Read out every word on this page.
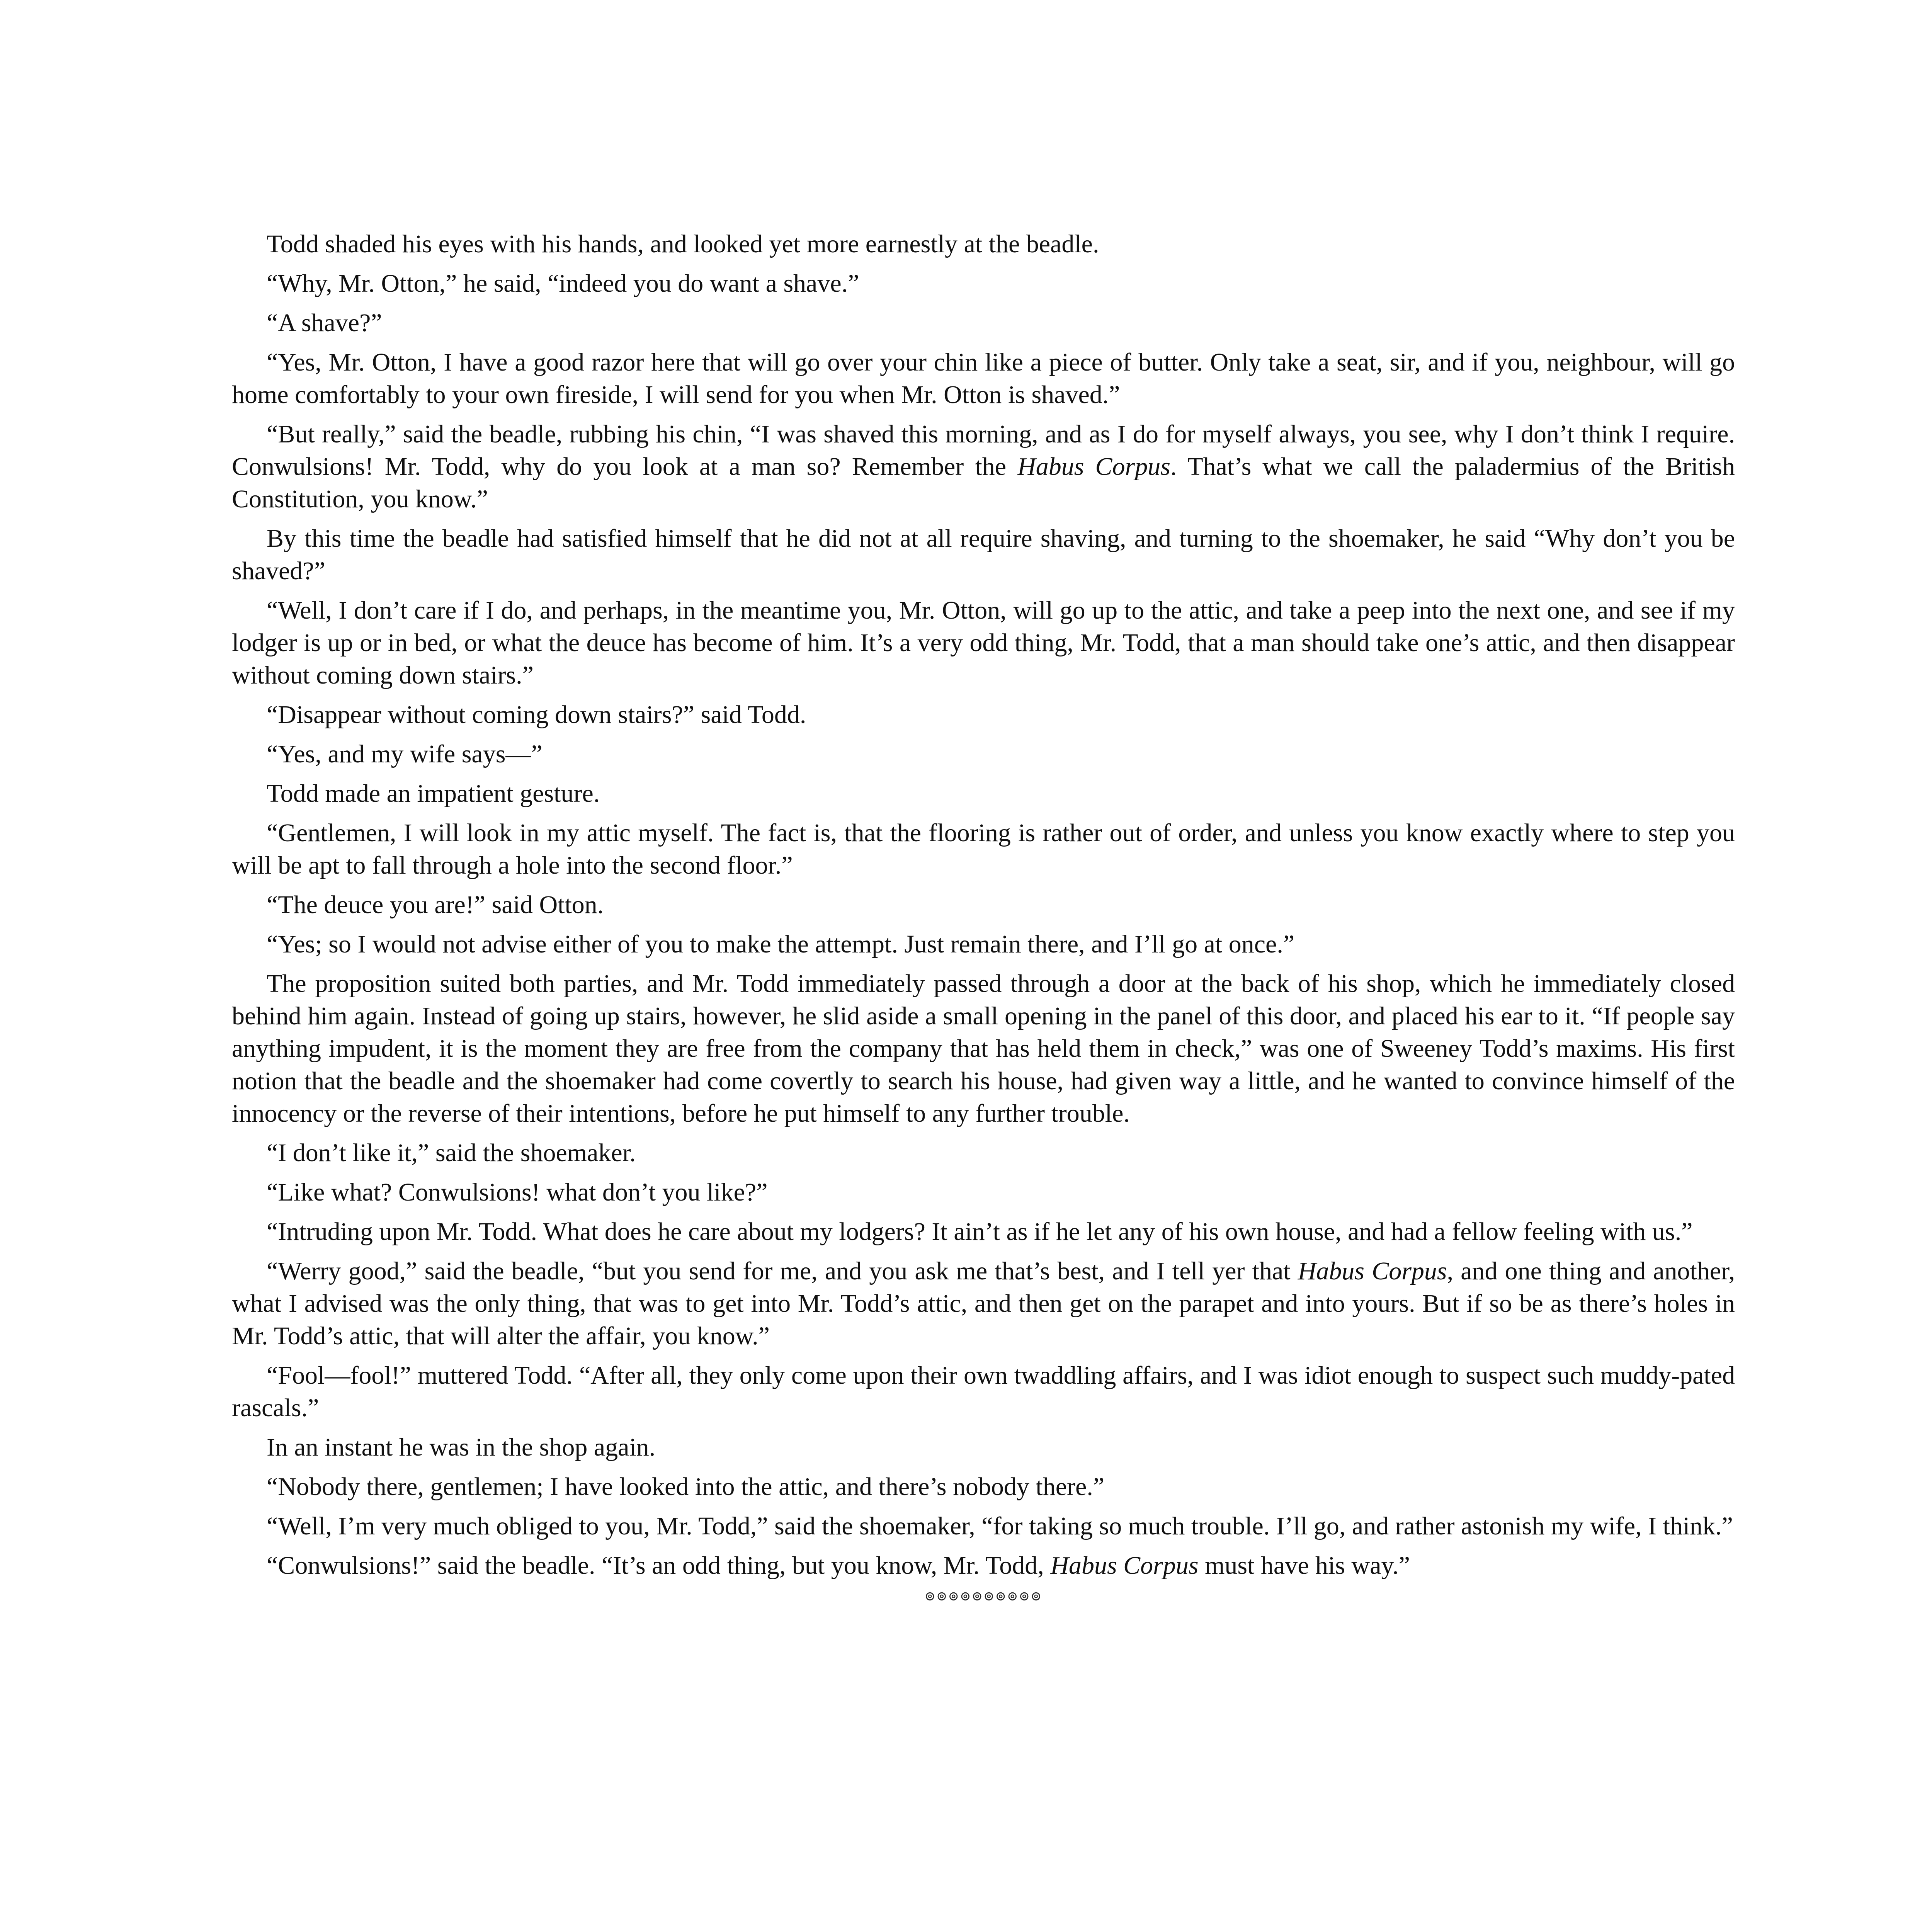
Todd shaded his eyes with his hands, and looked yet more earnestly at the beadle.

“Why, Mr. Otton,” he said, “indeed you do want a shave.”

“A shave?”

“Yes, Mr. Otton, I have a good razor here that will go over your chin like a piece of butter. Only take a seat, sir, and if you, neighbour, will go home comfortably to your own fireside, I will send for you when Mr. Otton is shaved.”

“But really,” said the beadle, rubbing his chin, “I was shaved this morning, and as I do for myself always, you see, why I don’t think I require. Conwulsions! Mr. Todd, why do you look at a man so? Remember the Habus Corpus. That’s what we call the paladermius of the British Constitution, you know.”

By this time the beadle had satisfied himself that he did not at all require shaving, and turning to the shoemaker, he said “Why don’t you be shaved?”

“Well, I don’t care if I do, and perhaps, in the meantime you, Mr. Otton, will go up to the attic, and take a peep into the next one, and see if my lodger is up or in bed, or what the deuce has become of him. It’s a very odd thing, Mr. Todd, that a man should take one’s attic, and then disappear without coming down stairs.”

“Disappear without coming down stairs?” said Todd.

“Yes, and my wife says—”

Todd made an impatient gesture.

“Gentlemen, I will look in my attic myself. The fact is, that the flooring is rather out of order, and unless you know exactly where to step you will be apt to fall through a hole into the second floor.”

“The deuce you are!” said Otton.

“Yes; so I would not advise either of you to make the attempt. Just remain there, and I’ll go at once.”

The proposition suited both parties, and Mr. Todd immediately passed through a door at the back of his shop, which he immediately closed behind him again. Instead of going up stairs, however, he slid aside a small opening in the panel of this door, and placed his ear to it. “If people say anything impudent, it is the moment they are free from the company that has held them in check,” was one of Sweeney Todd’s maxims. His first notion that the beadle and the shoemaker had come covertly to search his house, had given way a little, and he wanted to convince himself of the innocency or the reverse of their intentions, before he put himself to any further trouble.

“I don’t like it,” said the shoemaker.

“Like what? Conwulsions! what don’t you like?”

“Intruding upon Mr. Todd. What does he care about my lodgers? It ain’t as if he let any of his own house, and had a fellow feeling with us.”

“Werry good,” said the beadle, “but you send for me, and you ask me that’s best, and I tell yer that Habus Corpus, and one thing and another, what I advised was the only thing, that was to get into Mr. Todd’s attic, and then get on the parapet and into yours. But if so be as there’s holes in Mr. Todd’s attic, that will alter the affair, you know.”

“Fool—fool!” muttered Todd. “After all, they only come upon their own twaddling affairs, and I was idiot enough to suspect such muddy-pated rascals.”

In an instant he was in the shop again.

“Nobody there, gentlemen; I have looked into the attic, and there’s nobody there.”

“Well, I’m very much obliged to you, Mr. Todd,” said the shoemaker, “for taking so much trouble. I’ll go, and rather astonish my wife, I think.”

“Conwulsions!” said the beadle. “It’s an odd thing, but you know, Mr. Todd, Habus Corpus must have his way.”

⊚⊚⊚⊚⊚⊚⊚⊚⊚⊚
